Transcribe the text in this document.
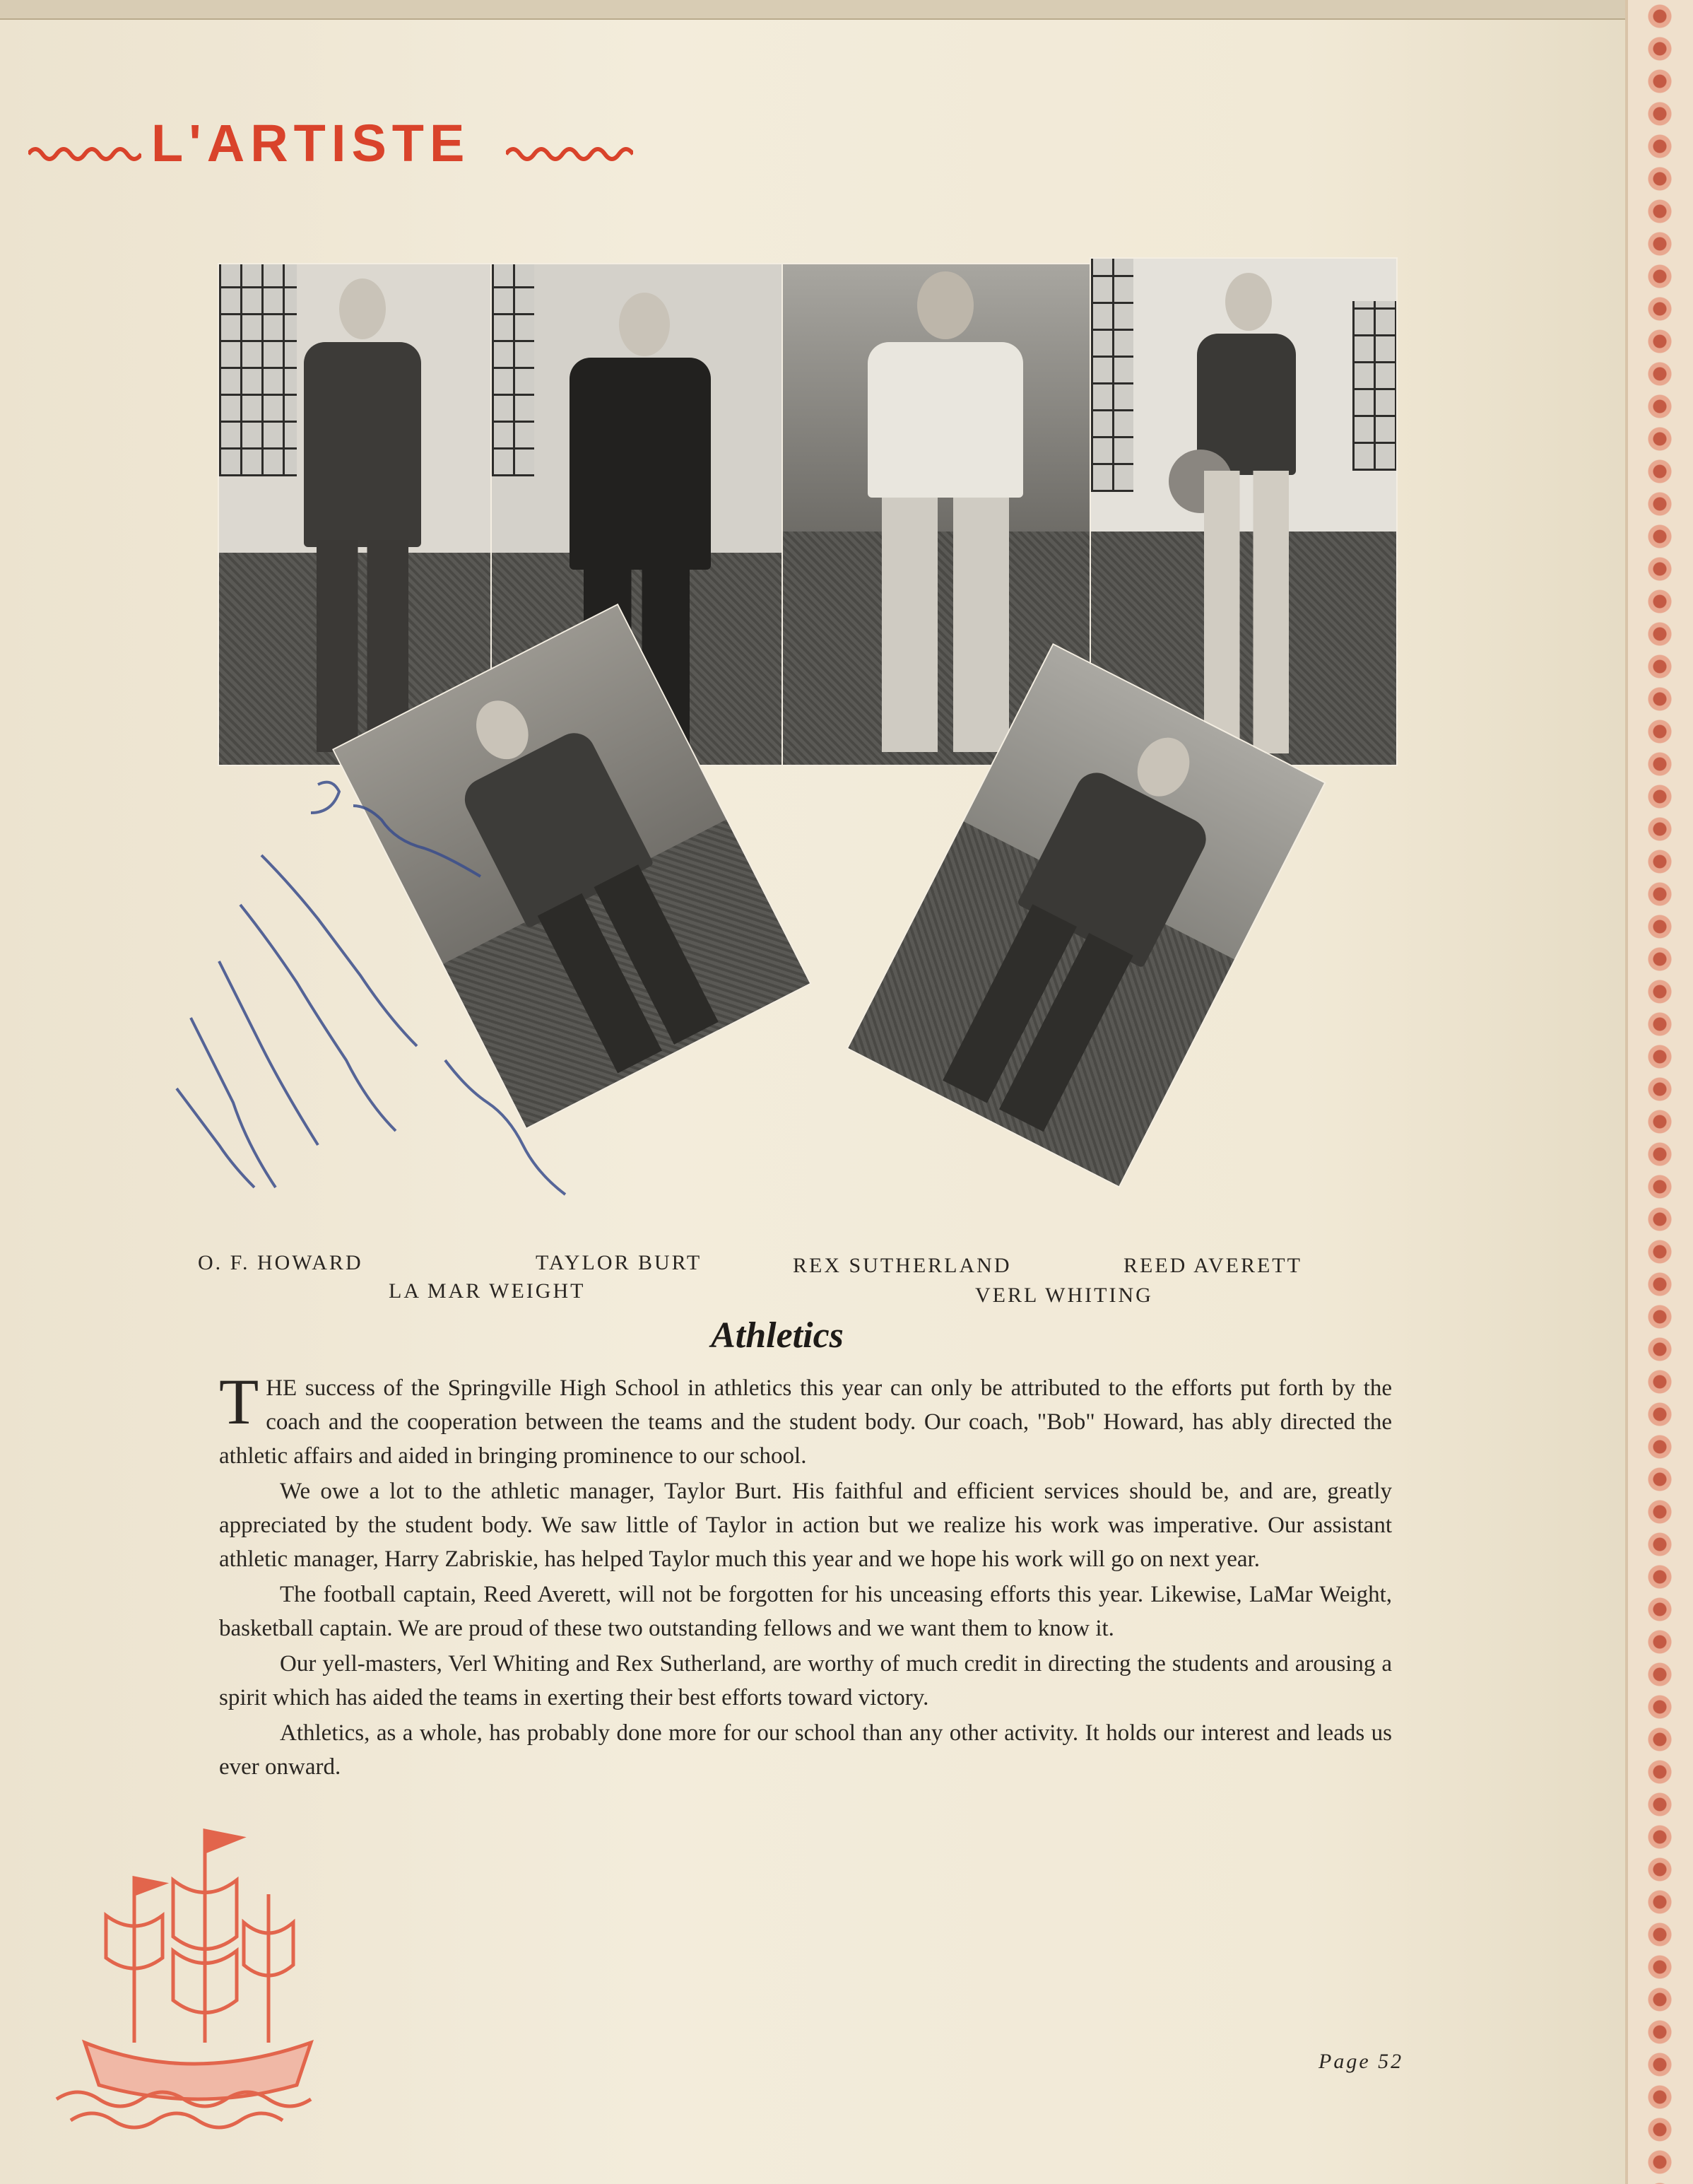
L'ARTISTE
O. F. HOWARD	TAYLOR BURT	REX SUTHERLAND	REED AVERETT
LA MAR WEIGHT	VERL WHITING
Athletics

THE success of the Springville High School in athletics this year can only be attributed to the efforts put forth by the coach and the cooperation between the teams and the student body. Our coach, "Bob" Howard, has ably directed the athletic affairs and aided in bringing prominence to our school.

We owe a lot to the athletic manager, Taylor Burt. His faithful and efficient services should be, and are, greatly appreciated by the student body. We saw little of Taylor in action but we realize his work was imperative. Our assistant athletic manager, Harry Zabriskie, has helped Taylor much this year and we hope his work will go on next year.

The football captain, Reed Averett, will not be forgotten for his unceasing efforts this year. Likewise, LaMar Weight, basketball captain. We are proud of these two outstanding fellows and we want them to know it.

Our yell-masters, Verl Whiting and Rex Sutherland, are worthy of much credit in directing the students and arousing a spirit which has aided the teams in exerting their best efforts toward victory.

Athletics, as a whole, has probably done more for our school than any other activity. It holds our interest and leads us ever onward.

Page 52
